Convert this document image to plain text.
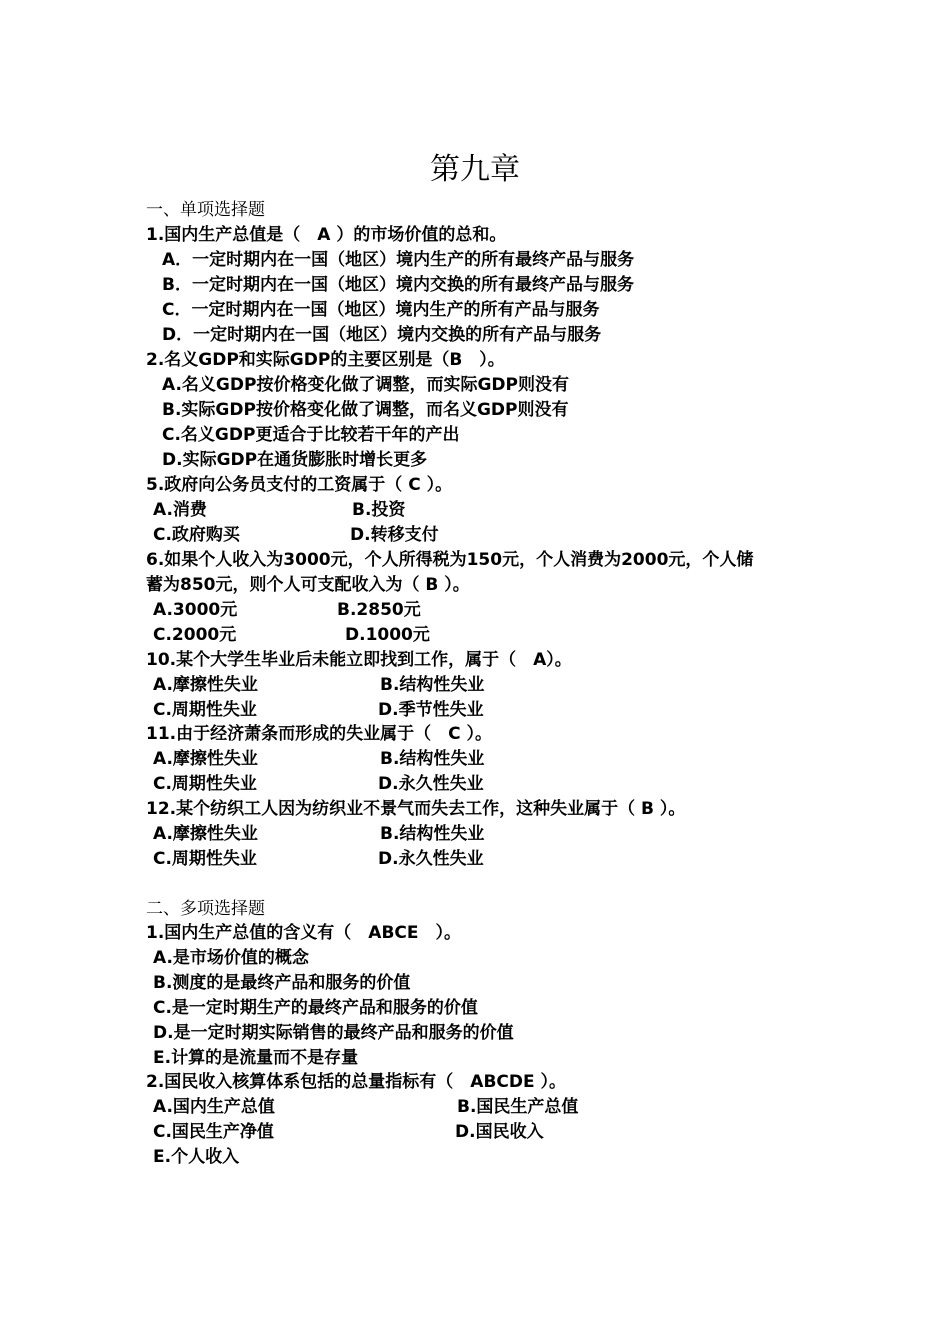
第九章
一、单项选择题
1.国内生产总值是（　A ）的市场价值的总和。
A．一定时期内在一国（地区）境内生产的所有最终产品与服务
B．一定时期内在一国（地区）境内交换的所有最终产品与服务
C．一定时期内在一国（地区）境内生产的所有产品与服务
D．一定时期内在一国（地区）境内交换的所有产品与服务
2.名义GDP和实际GDP的主要区别是（B　）。
A.名义GDP按价格变化做了调整，而实际GDP则没有
B.实际GDP按价格变化做了调整，而名义GDP则没有
C.名义GDP更适合于比较若干年的产出
D.实际GDP在通货膨胀时增长更多
5.政府向公务员支付的工资属于（ C ）。
A.消费	B.投资
C.政府购买	D.转移支付
6.如果个人收入为3000元，个人所得税为150元，个人消费为2000元，个人储
蓄为850元，则个人可支配收入为（ B ）。
A.3000元	B.2850元
C.2000元	D.1000元
10.某个大学生毕业后未能立即找到工作，属于（　A）。
A.摩擦性失业	B.结构性失业
C.周期性失业	D.季节性失业
11.由于经济萧条而形成的失业属于（　C ）。
A.摩擦性失业	B.结构性失业
C.周期性失业	D.永久性失业
12.某个纺织工人因为纺织业不景气而失去工作，这种失业属于（ B ）。
A.摩擦性失业	B.结构性失业
C.周期性失业	D.永久性失业
二、多项选择题
1.国内生产总值的含义有（　ABCE　）。
A.是市场价值的概念
B.测度的是最终产品和服务的价值
C.是一定时期生产的最终产品和服务的价值
D.是一定时期实际销售的最终产品和服务的价值
E.计算的是流量而不是存量
2.国民收入核算体系包括的总量指标有（　ABCDE ）。
A.国内生产总值	B.国民生产总值
C.国民生产净值	D.国民收入
E.个人收入
